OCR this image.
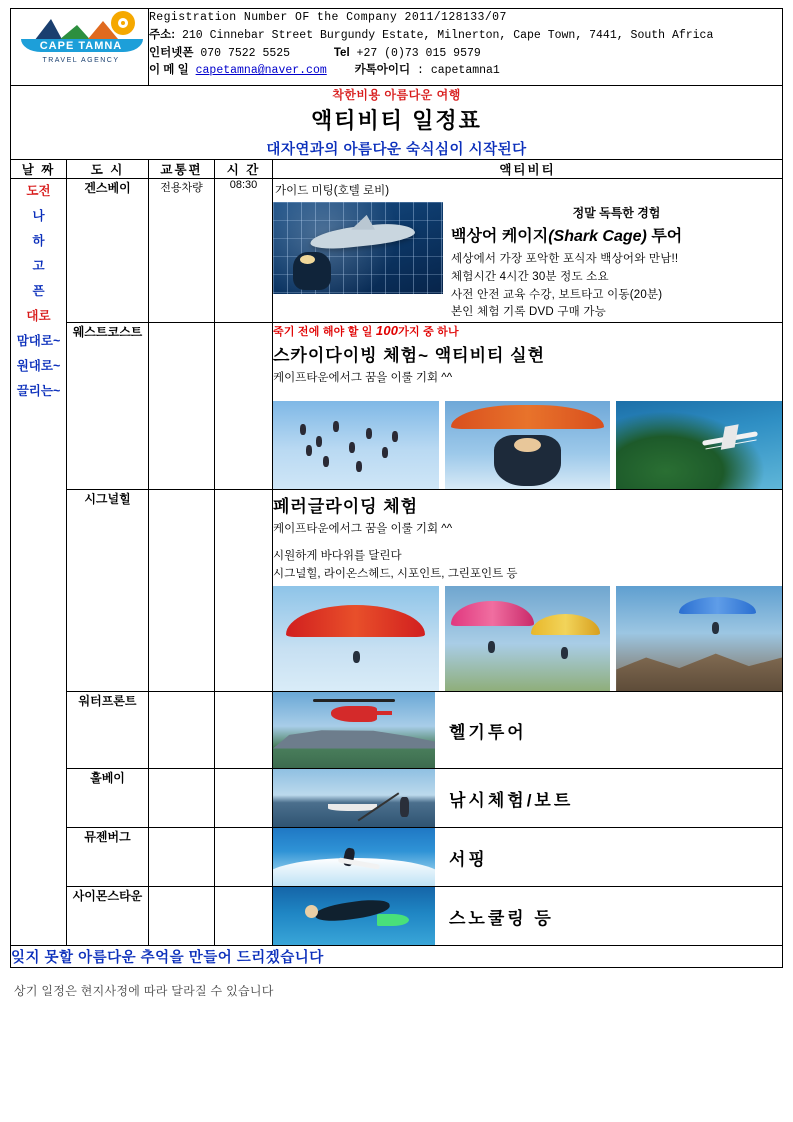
CAPE TAMNA
TRAVEL AGENCY

Registration Number OF the Company 2011/128133/07
주소: 210 Cinnebar Street Burgundy Estate, Milnerton, Cape Town, 7441, South Africa
인터넷폰 070 7522 5525	Tel +27 (0)73 015 9579
이 메 일 capetamna@naver.com 카톡아이디 : capetamna1

착한비용 아름다운 여행
액티비티 일정표
대자연과의 아름다운 숙식심이 시작된다				

날 짜	도 시	교통편	시 간	액티비티

도전
나
하
고
픈
대로
맘대로~
원대로~
끌리는~
	겐스베이	전용차량	08:30	가이드 미팅(호텔 로비)
정말 독특한 경험
백상어 케이지(Shark Cage) 투어
세상에서 가장 포악한 포식자 백상어와 만남!!
체험시간 4시간 30분 정도 소요
사전 안전 교육 수강, 보트타고 이동(20분)
본인 체험 기록 DVD 구매 가능

	웨스트코스트			죽기 전에 해야 할 일 100가지 중 하나
스카이다이빙 체험~ 액티비티 실현
케이프타운에서그 꿈을 이룰 기회 ^^

	시그널힐			페러글라이딩 체험
케이프타운에서그 꿈을 이룰 기회 ^^
시원하게 바다위를 달린다
시그널힐, 라이온스헤드, 시포인트, 그린포인트 등

	워터프론트			헬기투어

	훌베이			낚시체험/보트

	뮤젠버그			서핑

	사이몬스타운			스노쿨링 등

잊지 못할 아름다운 추억을 만들어 드리겠습니다				
상기 일정은 현지사정에 따라 달라질 수 있습니다
